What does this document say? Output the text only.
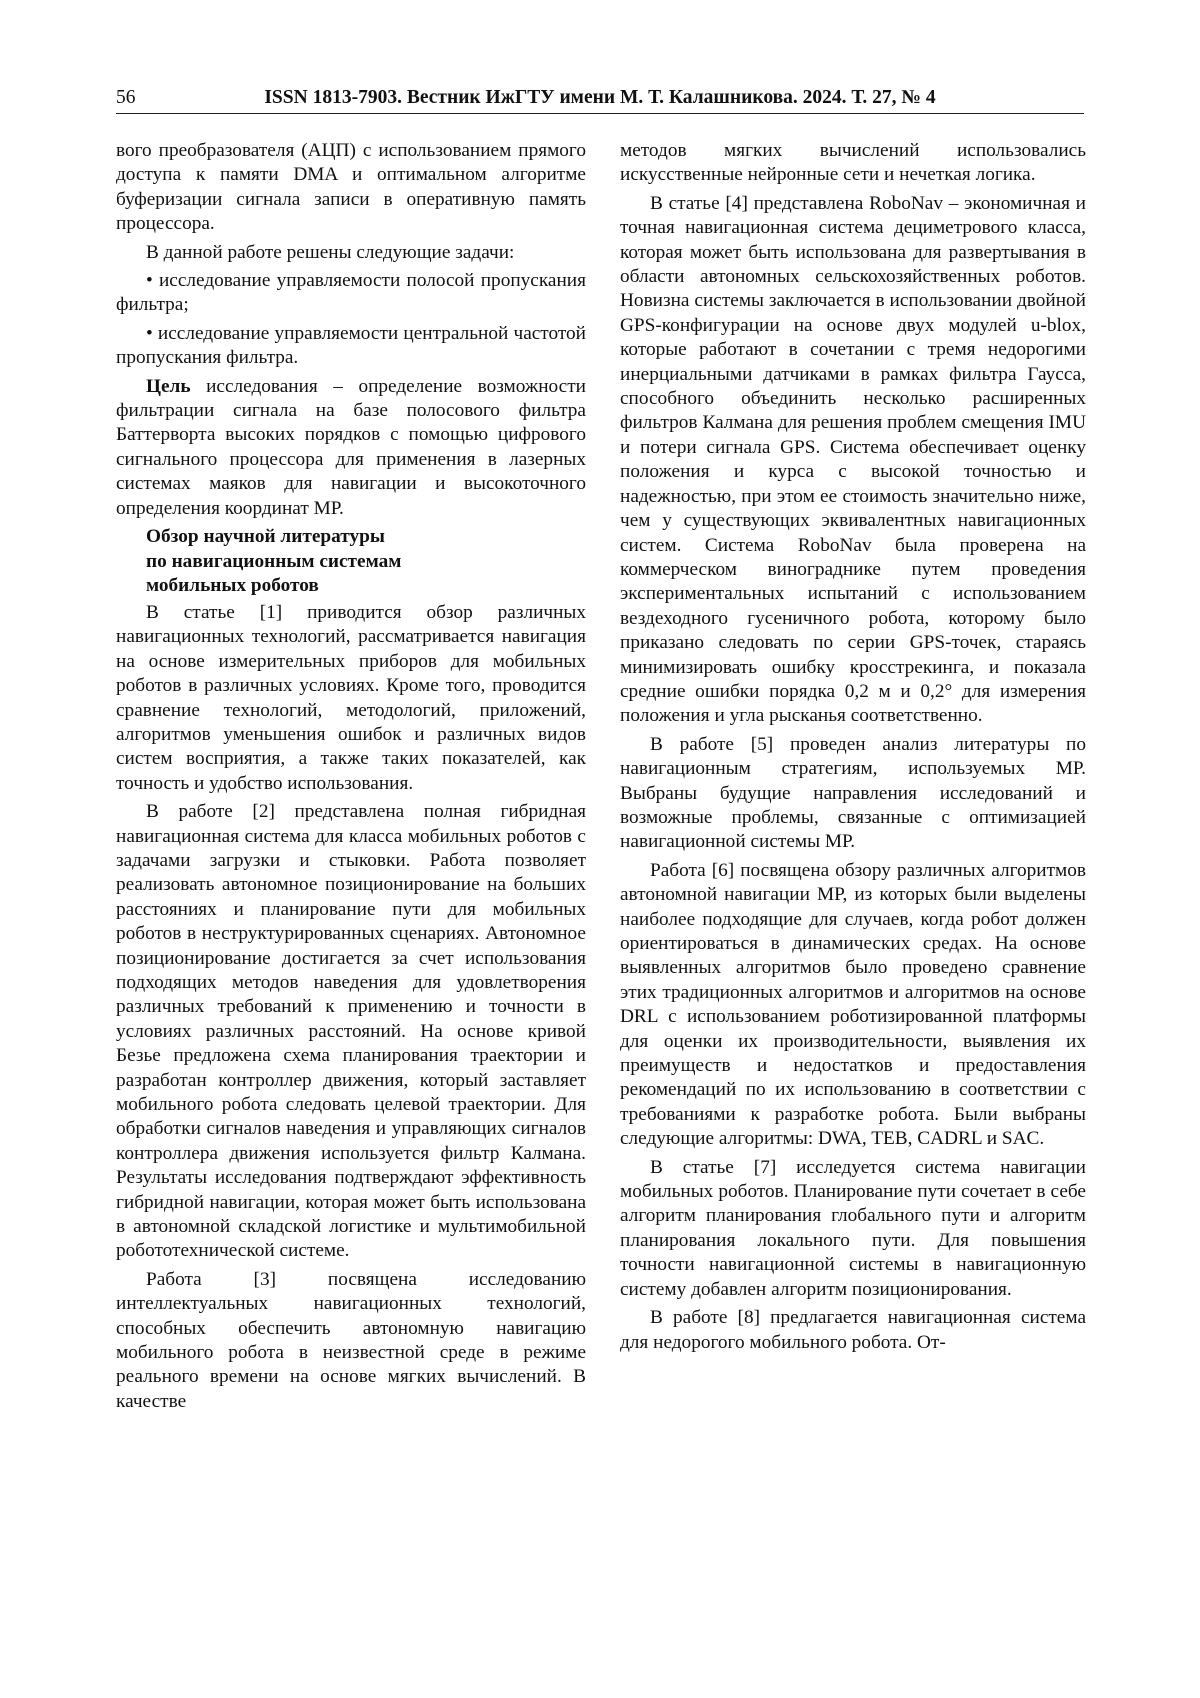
56	ISSN 1813-7903. Вестник ИжГТУ имени М. Т. Калашникова. 2024. Т. 27, № 4

вого преобразователя (АЦП) с использованием прямого доступа к памяти DMA и оптимальном алгоритме буферизации сигнала записи в оперативную память процессора.

В данной работе решены следующие задачи:

• исследование управляемости полосой пропускания фильтра;

• исследование управляемости центральной частотой пропускания фильтра.

Цель исследования – определение возможности фильтрации сигнала на базе полосового фильтра Баттерворта высоких порядков с помощью цифрового сигнального процессора для применения в лазерных системах маяков для навигации и высокоточного определения координат МР.

Обзор научной литературы
по навигационным системам
мобильных роботов

В статье [1] приводится обзор различных навигационных технологий, рассматривается навигация на основе измерительных приборов для мобильных роботов в различных условиях. Кроме того, проводится сравнение технологий, методологий, приложений, алгоритмов уменьшения ошибок и различных видов систем восприятия, а также таких показателей, как точность и удобство использования.

В работе [2] представлена полная гибридная навигационная система для класса мобильных роботов с задачами загрузки и стыковки. Работа позволяет реализовать автономное позиционирование на больших расстояниях и планирование пути для мобильных роботов в неструктурированных сценариях. Автономное позиционирование достигается за счет использования подходящих методов наведения для удовлетворения различных требований к применению и точности в условиях различных расстояний. На основе кривой Безье предложена схема планирования траектории и разработан контроллер движения, который заставляет мобильного робота следовать целевой траектории. Для обработки сигналов наведения и управляющих сигналов контроллера движения используется фильтр Калмана. Результаты исследования подтверждают эффективность гибридной навигации, которая может быть использована в автономной складской логистике и мультимобильной робототехнической системе.

Работа [3] посвящена исследованию интеллектуальных навигационных технологий, способных обеспечить автономную навигацию мобильного робота в неизвестной среде в режиме реального времени на основе мягких вычислений. В качестве

методов мягких вычислений использовались искусственные нейронные сети и нечеткая логика.

В статье [4] представлена RoboNav – экономичная и точная навигационная система дециметрового класса, которая может быть использована для развертывания в области автономных сельскохозяйственных роботов. Новизна системы заключается в использовании двойной GPS-конфигурации на основе двух модулей u-blox, которые работают в сочетании с тремя недорогими инерциальными датчиками в рамках фильтра Гаусса, способного объединить несколько расширенных фильтров Калмана для решения проблем смещения IMU и потери сигнала GPS. Система обеспечивает оценку положения и курса с высокой точностью и надежностью, при этом ее стоимость значительно ниже, чем у существующих эквивалентных навигационных систем. Система RoboNav была проверена на коммерческом винограднике путем проведения экспериментальных испытаний с использованием вездеходного гусеничного робота, которому было приказано следовать по серии GPS-точек, стараясь минимизировать ошибку кросстрекинга, и показала средние ошибки порядка 0,2 м и 0,2° для измерения положения и угла рысканья соответственно.

В работе [5] проведен анализ литературы по навигационным стратегиям, используемых МР. Выбраны будущие направления исследований и возможные проблемы, связанные с оптимизацией навигационной системы МР.

Работа [6] посвящена обзору различных алгоритмов автономной навигации МР, из которых были выделены наиболее подходящие для случаев, когда робот должен ориентироваться в динамических средах. На основе выявленных алгоритмов было проведено сравнение этих традиционных алгоритмов и алгоритмов на основе DRL с использованием роботизированной платформы для оценки их производительности, выявления их преимуществ и недостатков и предоставления рекомендаций по их использованию в соответствии с требованиями к разработке робота. Были выбраны следующие алгоритмы: DWA, TEB, CADRL и SAC.

В статье [7] исследуется система навигации мобильных роботов. Планирование пути сочетает в себе алгоритм планирования глобального пути и алгоритм планирования локального пути. Для повышения точности навигационной системы в навигационную систему добавлен алгоритм позиционирования.

В работе [8] предлагается навигационная система для недорогого мобильного робота. От-
